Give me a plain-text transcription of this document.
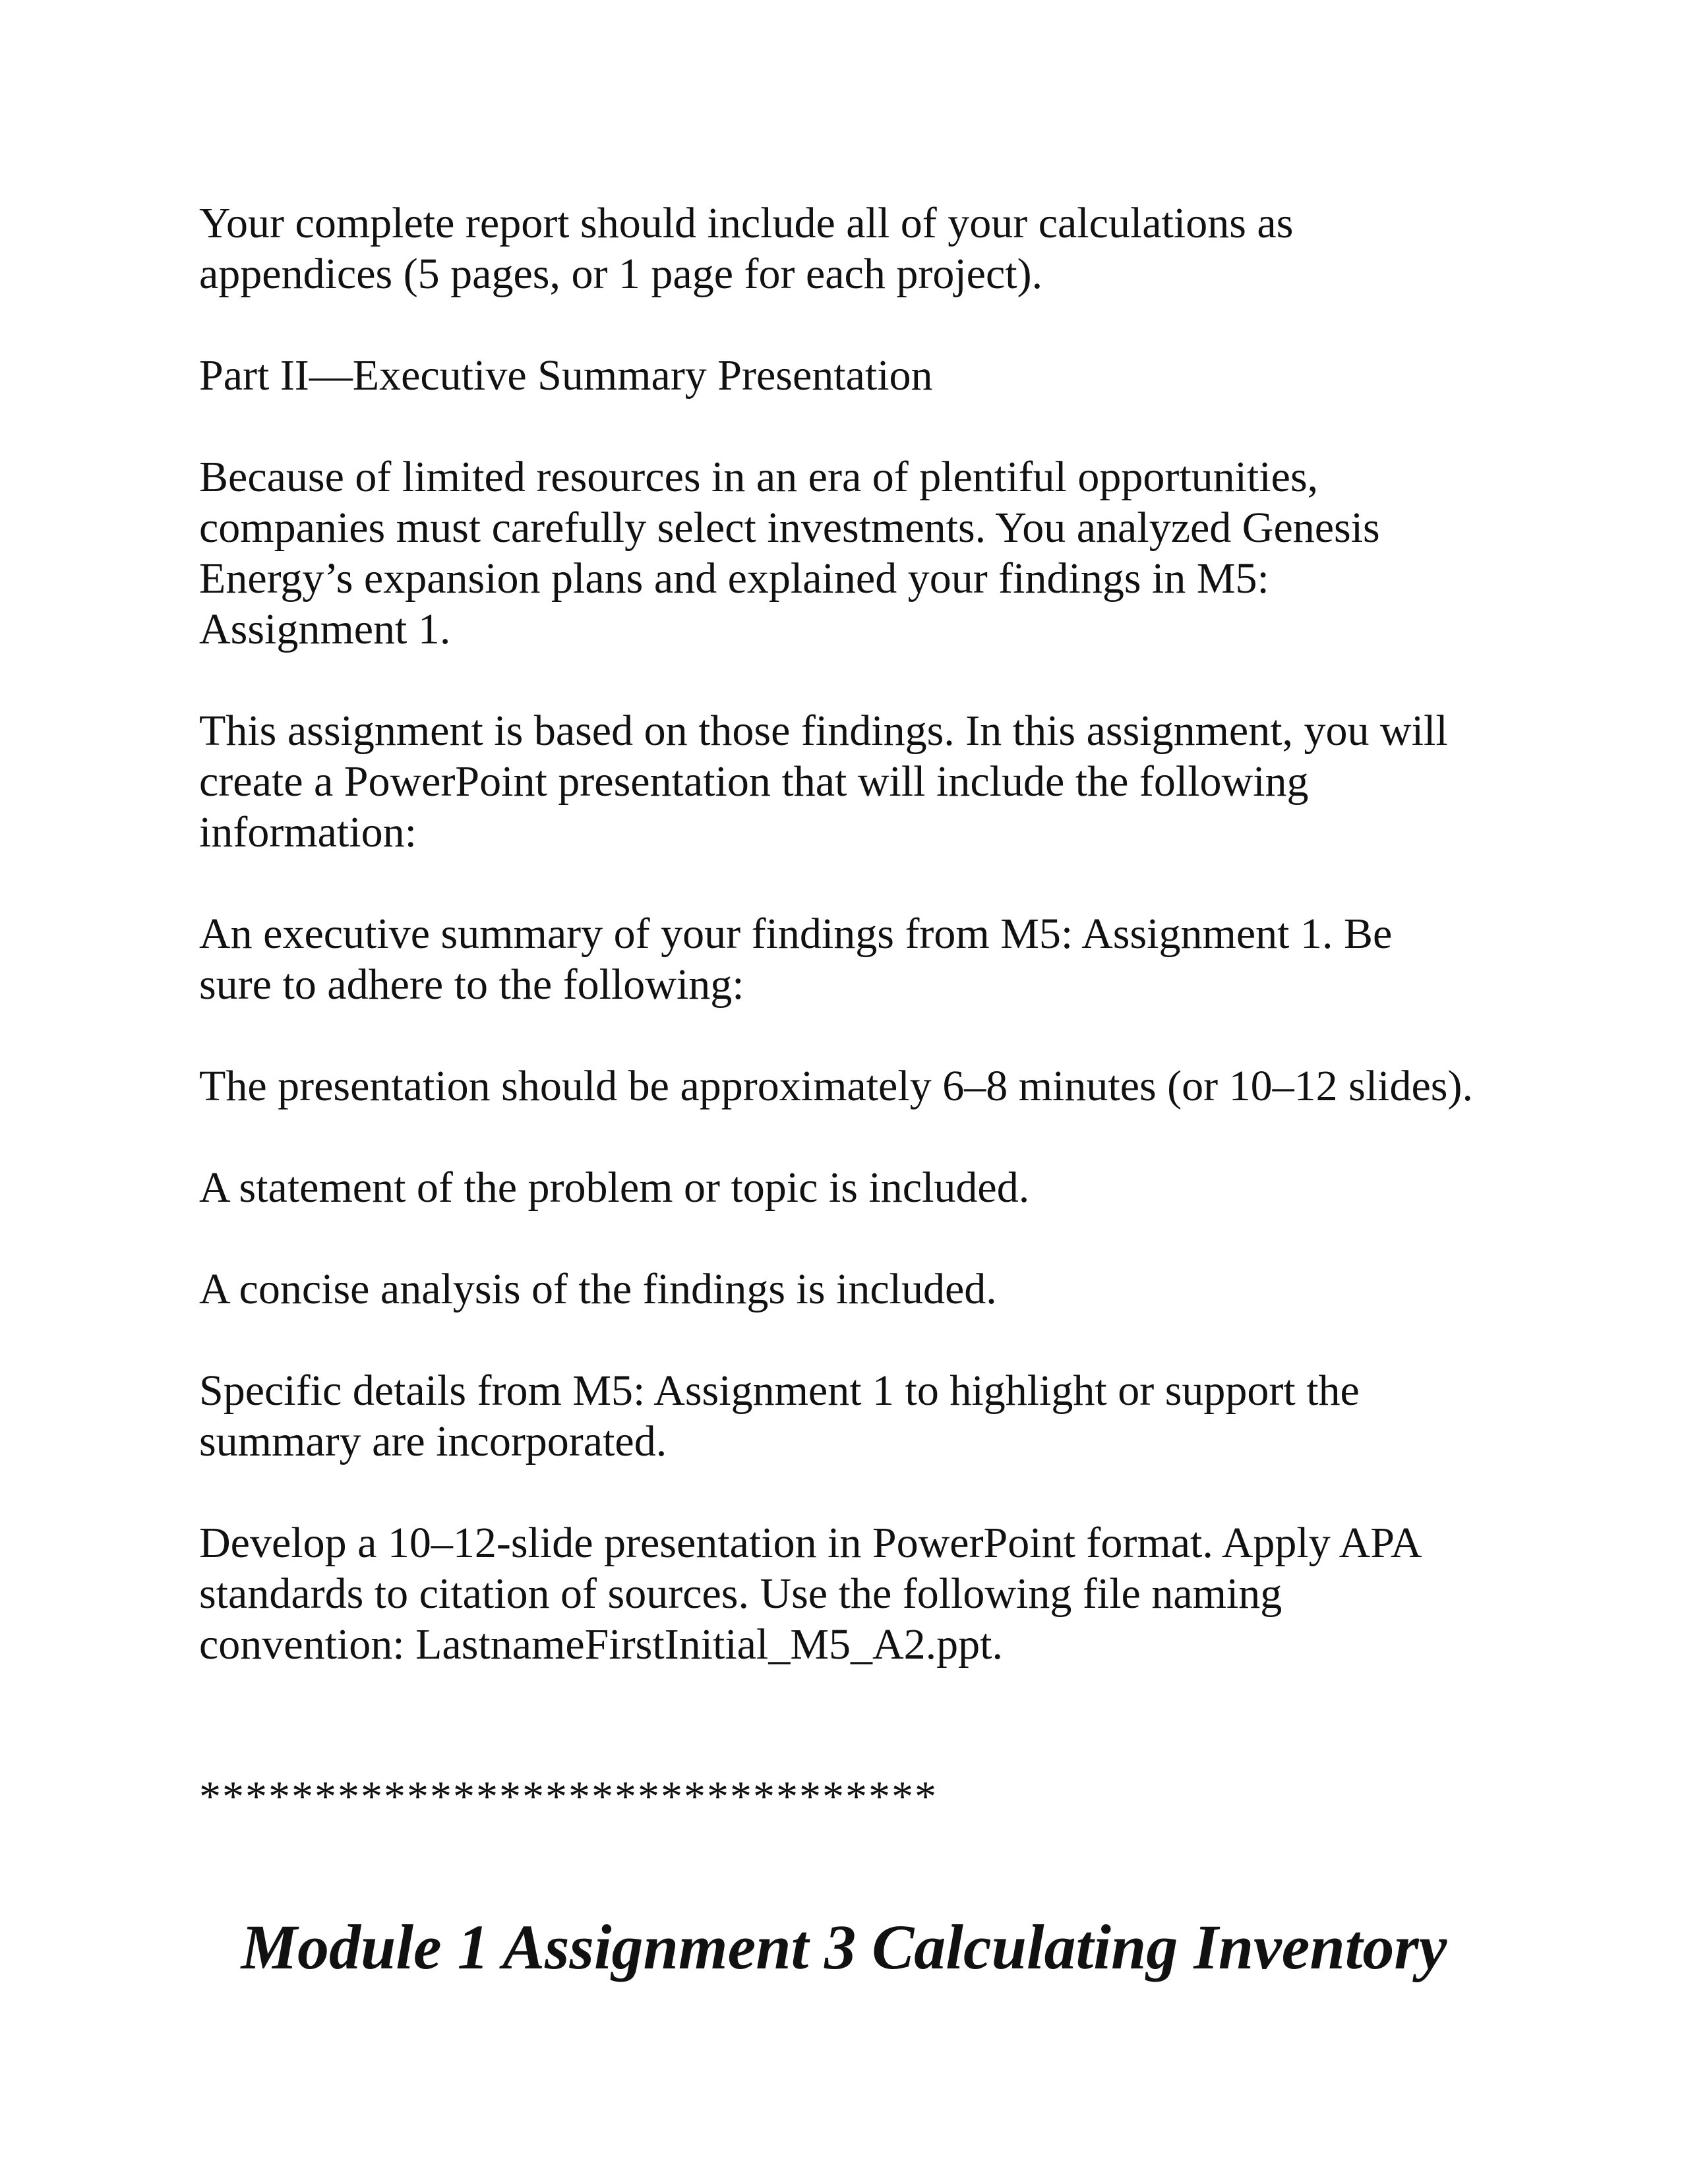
Your complete report should include all of your calculations as
appendices (5 pages, or 1 page for each project).

Part II—Executive Summary Presentation

Because of limited resources in an era of plentiful opportunities,
companies must carefully select investments. You analyzed Genesis
Energy’s expansion plans and explained your findings in M5:
Assignment 1.

This assignment is based on those findings. In this assignment, you will
create a PowerPoint presentation that will include the following
information:

An executive summary of your findings from M5: Assignment 1. Be
sure to adhere to the following:

The presentation should be approximately 6–8 minutes (or 10–12 slides).

A statement of the problem or topic is included.

A concise analysis of the findings is included.

Specific details from M5: Assignment 1 to highlight or support the
summary are incorporated.

Develop a 10–12-slide presentation in PowerPoint format. Apply APA
standards to citation of sources. Use the following file naming
convention: LastnameFirstInitial_M5_A2.ppt.

********************************
Module 1 Assignment 3 Calculating Inventory
